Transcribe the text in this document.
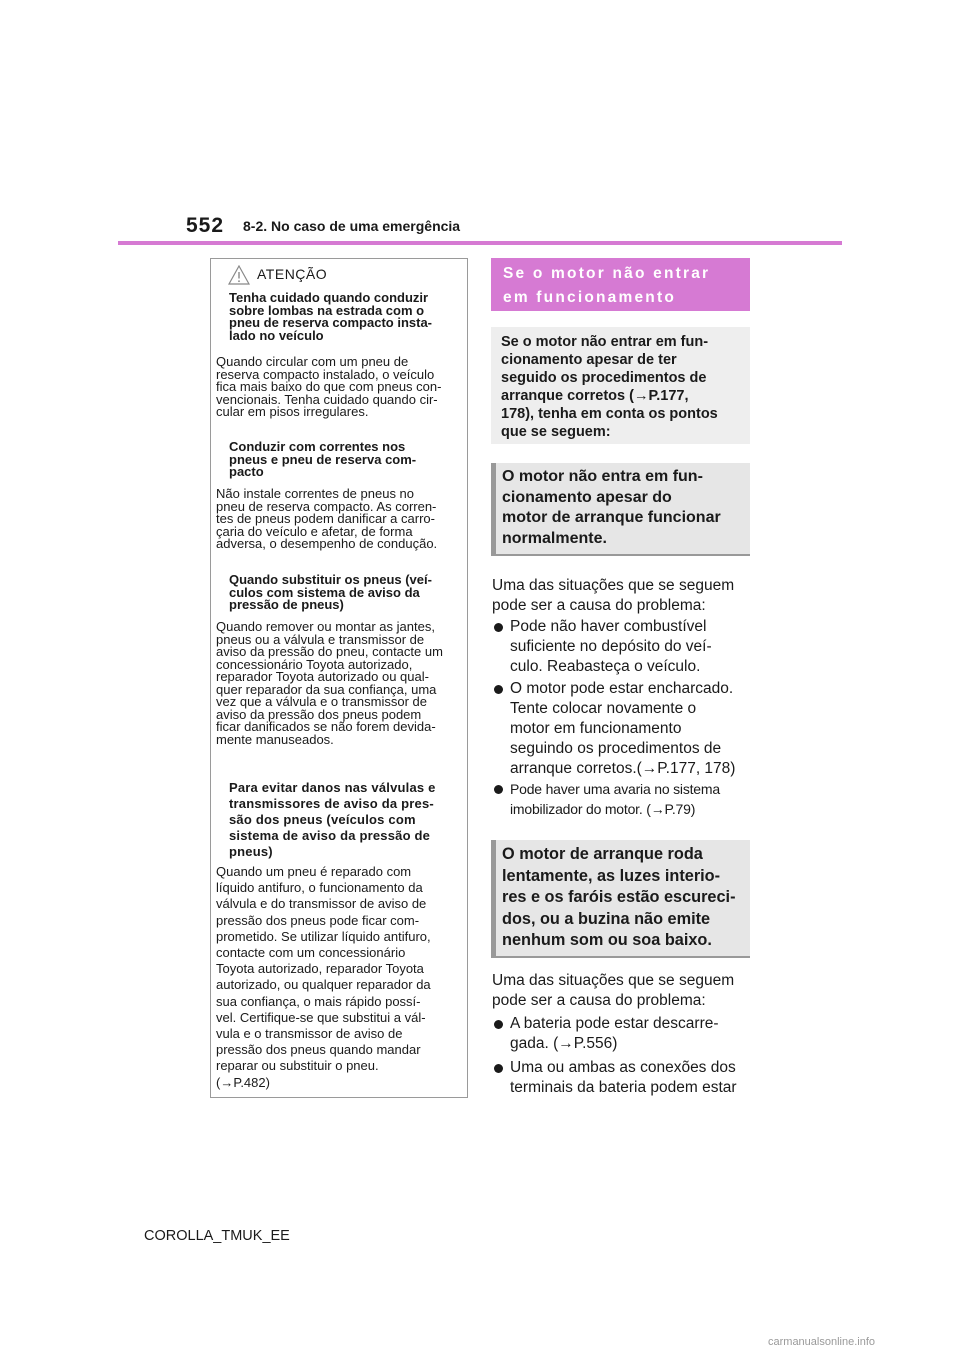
552 8-2. No caso de uma emergência
ATENÇÃO
Tenha cuidado quando conduzir
sobre lombas na estrada com o
pneu de reserva compacto insta-
lado no veículo
Quando circular com um pneu de
reserva compacto instalado, o veículo
fica mais baixo do que com pneus con-
vencionais. Tenha cuidado quando cir-
cular em pisos irregulares.
Conduzir com correntes nos
pneus e pneu de reserva com-
pacto
Não instale correntes de pneus no
pneu de reserva compacto. As corren-
tes de pneus podem danificar a carro-
çaria do veículo e afetar, de forma
adversa, o desempenho de condução.
Quando substituir os pneus (veí-
culos com sistema de aviso da
pressão de pneus)
Quando remover ou montar as jantes,
pneus ou a válvula e transmissor de
aviso da pressão do pneu, contacte um
concessionário Toyota autorizado,
reparador Toyota autorizado ou qual-
quer reparador da sua confiança, uma
vez que a válvula e o transmissor de
aviso da pressão dos pneus podem
ficar danificados se não forem devida-
mente manuseados.
Para evitar danos nas válvulas e
transmissores de aviso da pres-
são dos pneus (veículos com
sistema de aviso da pressão de
pneus)
Quando um pneu é reparado com
líquido antifuro, o funcionamento da
válvula e do transmissor de aviso de
pressão dos pneus pode ficar com-
prometido. Se utilizar líquido antifuro,
contacte com um concessionário
Toyota autorizado, reparador Toyota
autorizado, ou qualquer reparador da
sua confiança, o mais rápido possí-
vel. Certifique-se que substitui a vál-
vula e o transmissor de aviso de
pressão dos pneus quando mandar
reparar ou substituir o pneu.
(→P.482)
Se o motor não entrar
em funcionamento
Se o motor não entrar em fun-
cionamento apesar de ter
seguido os procedimentos de
arranque corretos (→P.177,
178), tenha em conta os pontos
que se seguem:
O motor não entra em fun-
cionamento apesar do
motor de arranque funcionar
normalmente.
Uma das situações que se seguem
pode ser a causa do problema:
Pode não haver combustível
suficiente no depósito do veí-
culo. Reabasteça o veículo.
O motor pode estar encharcado.
Tente colocar novamente o
motor em funcionamento
seguindo os procedimentos de
arranque corretos.(→P.177, 178)
Pode haver uma avaria no sistema
imobilizador do motor. (→P.79)
O motor de arranque roda
lentamente, as luzes interio-
res e os faróis estão escureci-
dos, ou a buzina não emite
nenhum som ou soa baixo.
Uma das situações que se seguem
pode ser a causa do problema:
A bateria pode estar descarre-
gada. (→P.556)
Uma ou ambas as conexões dos
terminais da bateria podem estar
COROLLA_TMUK_EE
carmanualsonline.info
